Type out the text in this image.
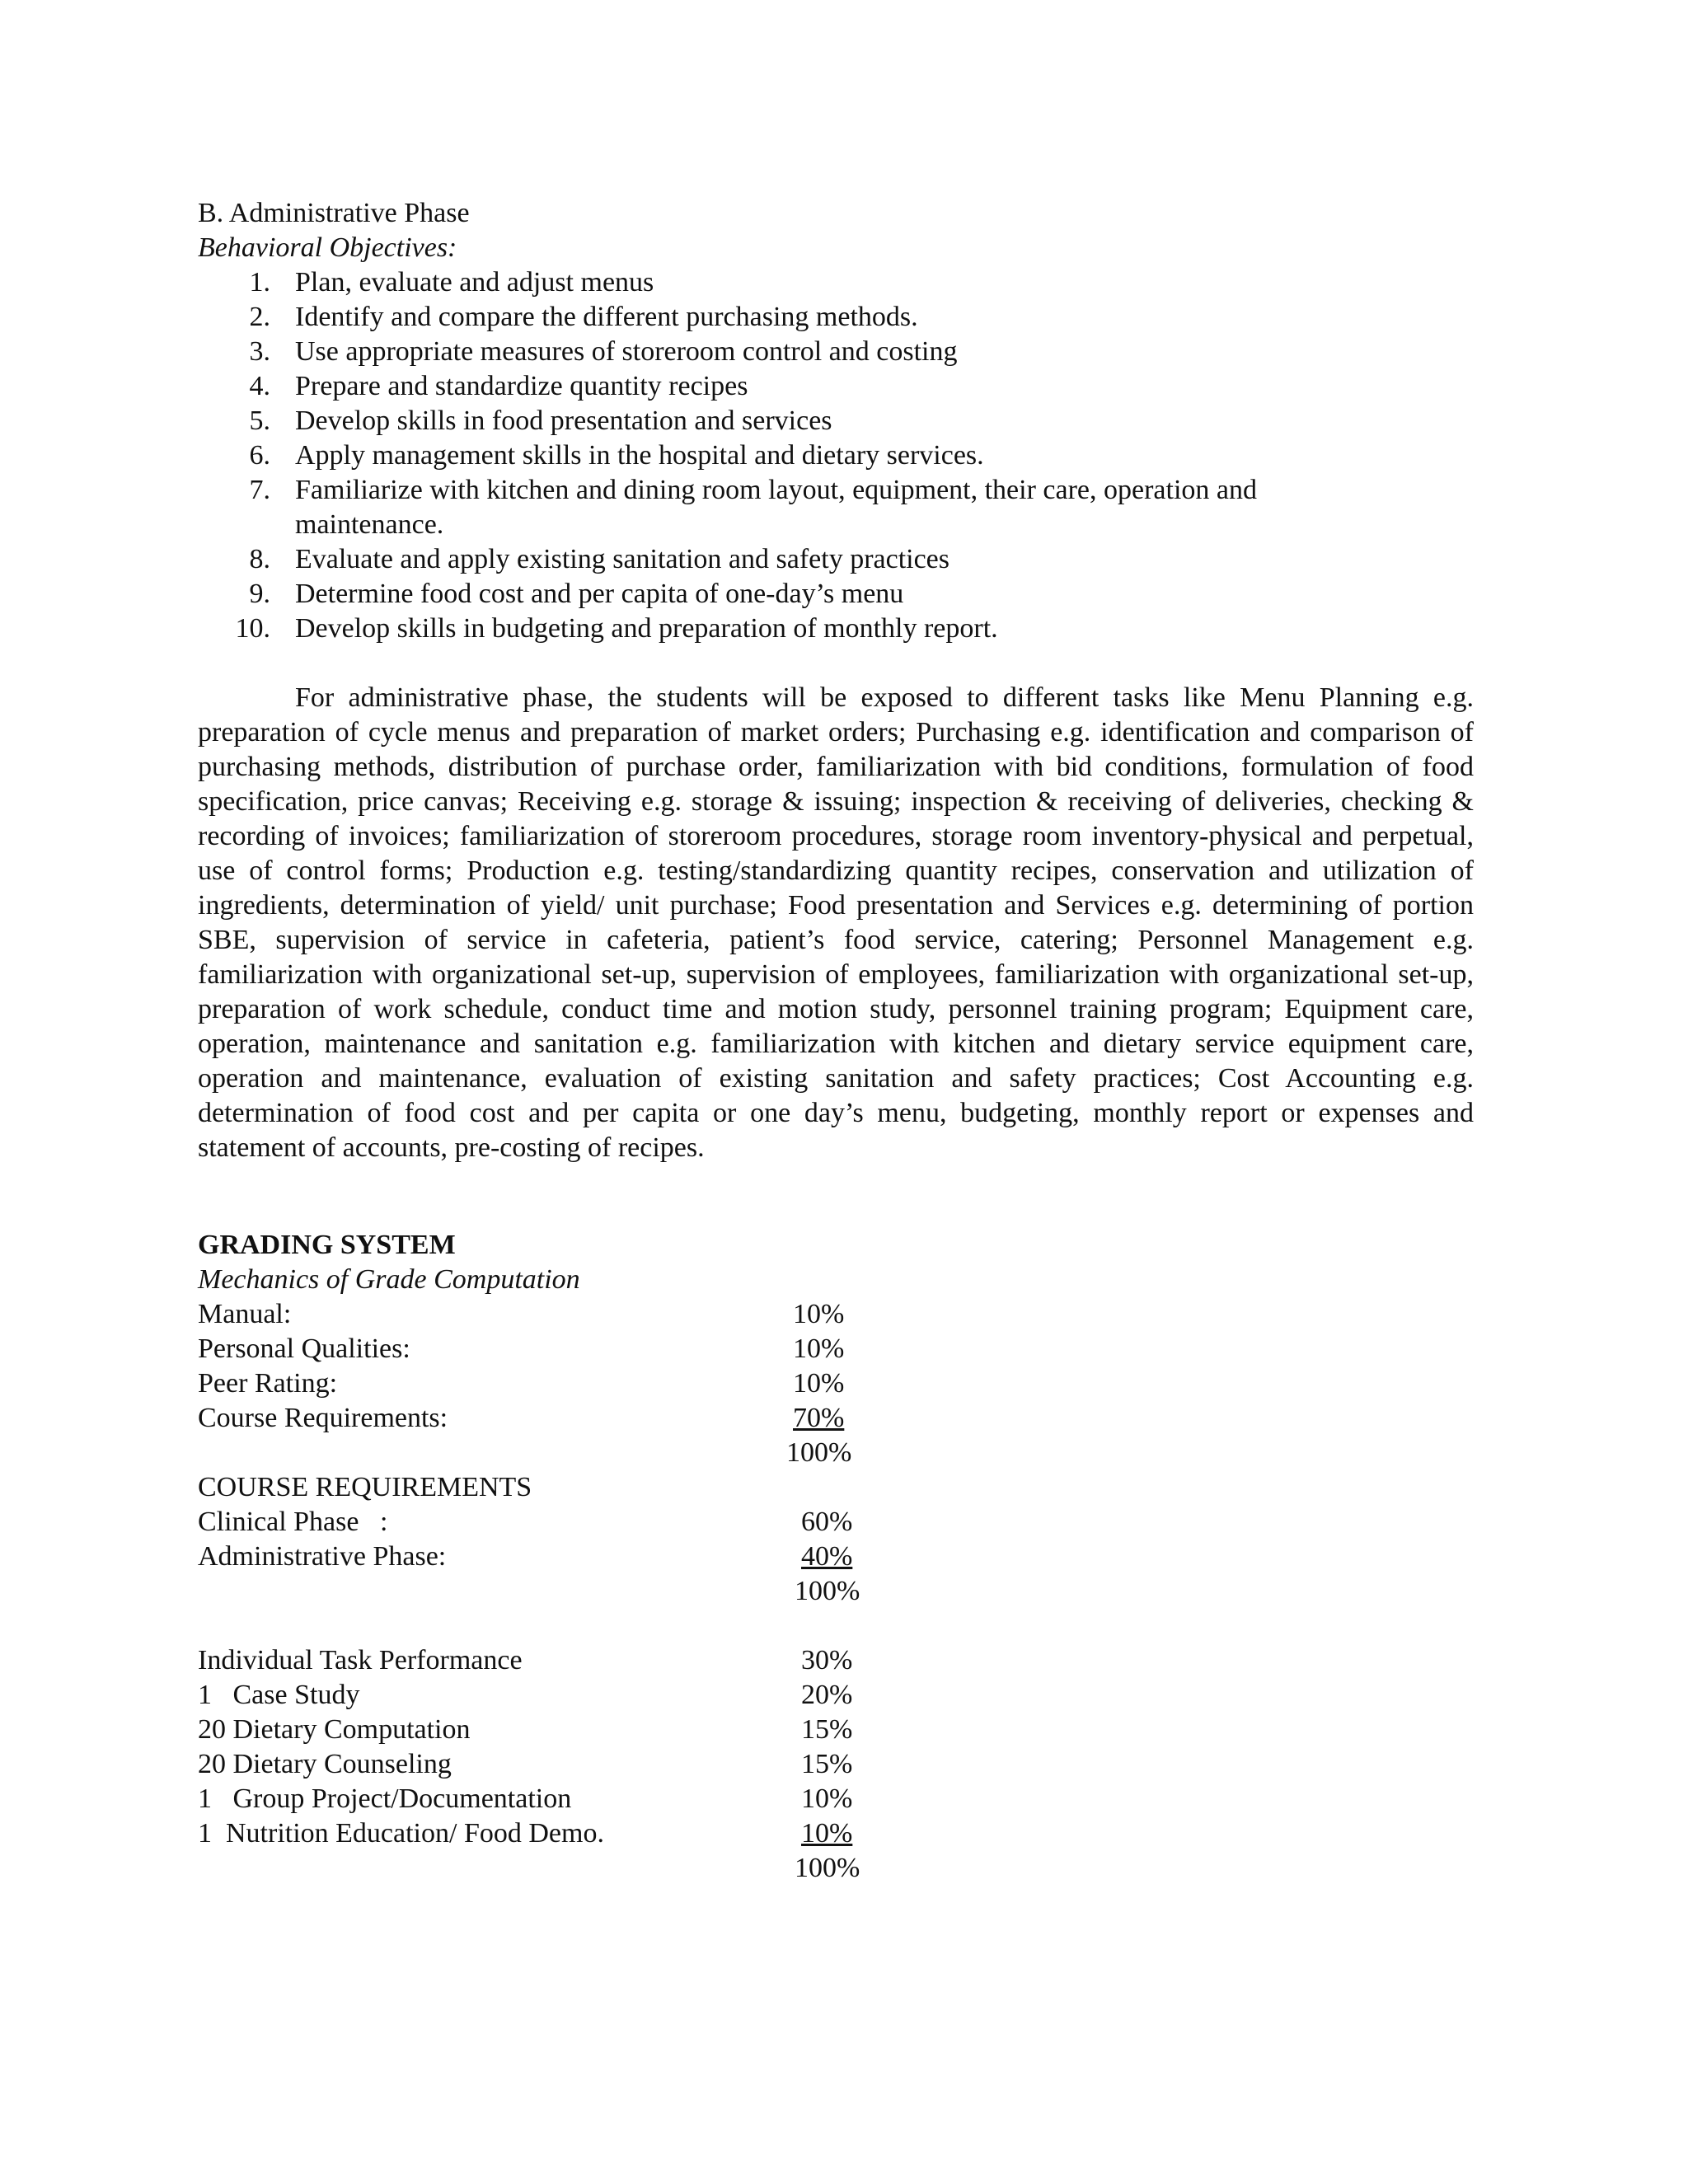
B. Administrative Phase
Behavioral Objectives:
1. Plan, evaluate and adjust menus
2. Identify and compare the different purchasing methods.
3. Use appropriate measures of storeroom control and costing
4. Prepare and standardize quantity recipes
5. Develop skills in food presentation and services
6. Apply management skills in the hospital and dietary services.
7. Familiarize with kitchen and dining room layout, equipment, their care, operation and
maintenance.
8. Evaluate and apply existing sanitation and safety practices
9. Determine food cost and per capita of one-day’s menu
10. Develop skills in budgeting and preparation of monthly report.

For administrative phase, the students will be exposed to different tasks like Menu Planning e.g. preparation of cycle menus and preparation of market orders; Purchasing e.g. identification and comparison of purchasing methods, distribution of purchase order, familiarization with bid conditions, formulation of food specification, price canvas; Receiving e.g. storage & issuing; inspection & receiving of deliveries, checking & recording of invoices; familiarization of storeroom procedures, storage room inventory-physical and perpetual, use of control forms; Production e.g. testing/standardizing quantity recipes, conservation and utilization of ingredients, determination of yield/ unit purchase; Food presentation and Services e.g. determining of portion SBE, supervision of service in cafeteria, patient’s food service, catering; Personnel Management e.g. familiarization with organizational set-up, supervision of employees, familiarization with organizational set-up, preparation of work schedule, conduct time and motion study, personnel training program; Equipment care, operation, maintenance and sanitation e.g. familiarization with kitchen and dietary service equipment care, operation and maintenance, evaluation of existing sanitation and safety practices; Cost Accounting e.g. determination of food cost and per capita or one day’s menu, budgeting, monthly report or expenses and statement of accounts, pre-costing of recipes.

GRADING SYSTEM
Mechanics of Grade Computation
Manual:	10%
Personal Qualities:	10%
Peer Rating:	10%
Course Requirements:	70%
100%
COURSE REQUIREMENTS
Clinical Phase   :	60%
Administrative Phase:	40%
100%
Individual Task Performance	30%
1   Case Study	20%
20 Dietary Computation	15%
20 Dietary Counseling	15%
1   Group Project/Documentation	10%
1  Nutrition Education/ Food Demo.	10%
100%
